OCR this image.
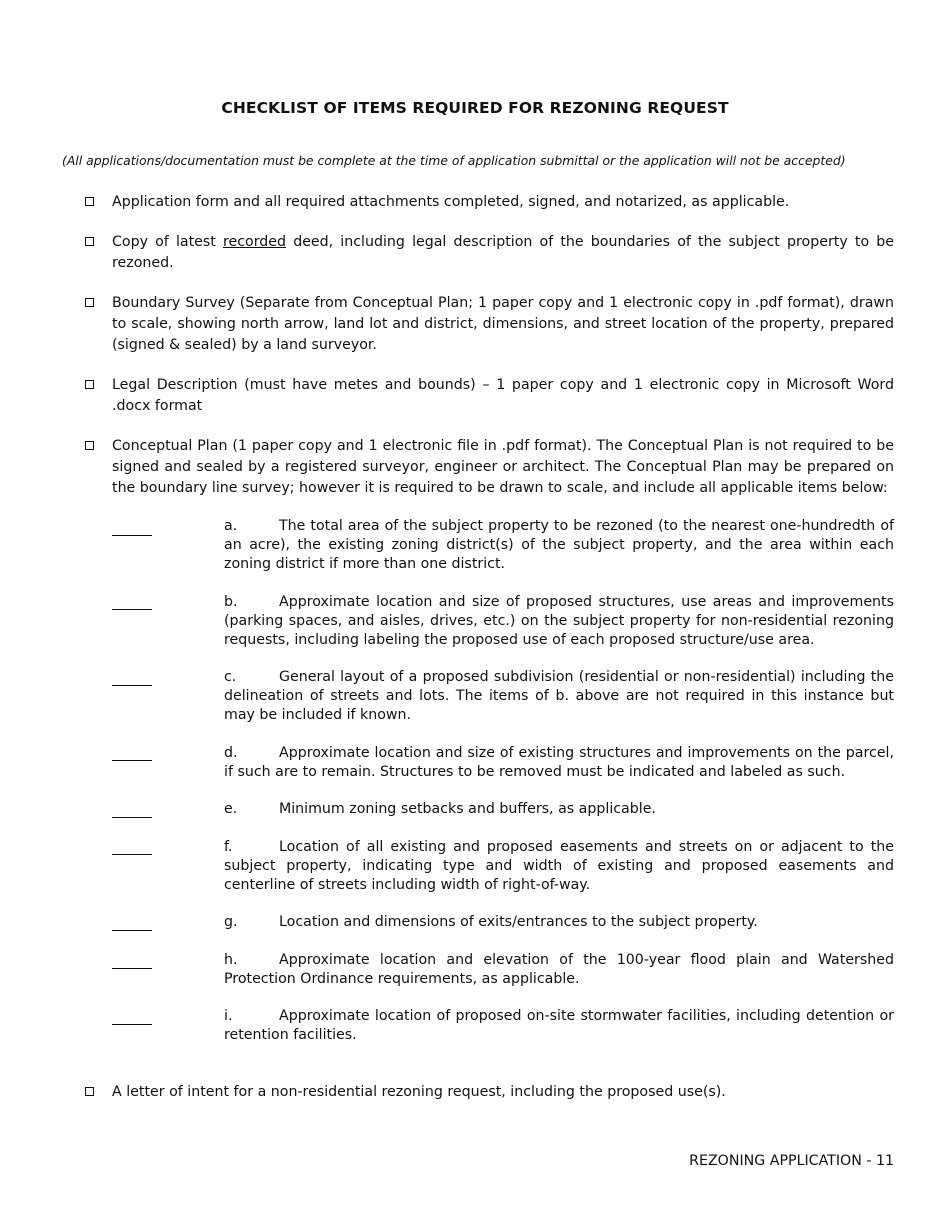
CHECKLIST OF ITEMS REQUIRED FOR REZONING REQUEST
(All applications/documentation must be complete at the time of application submittal or the application will not be accepted)
Application form and all required attachments completed, signed, and notarized, as applicable.
Copy of latest recorded deed, including legal description of the boundaries of the subject property to be rezoned.
Boundary Survey (Separate from Conceptual Plan; 1 paper copy and 1 electronic copy in .pdf format), drawn to scale, showing north arrow, land lot and district, dimensions, and street location of the property, prepared (signed & sealed) by a land surveyor.
Legal Description (must have metes and bounds) – 1 paper copy and 1 electronic copy in Microsoft Word .docx format
Conceptual Plan (1 paper copy and 1 electronic file in .pdf format). The Conceptual Plan is not required to be signed and sealed by a registered surveyor, engineer or architect. The Conceptual Plan may be prepared on the boundary line survey; however it is required to be drawn to scale, and include all applicable items below:
a.	The total area of the subject property to be rezoned (to the nearest one-hundredth of an acre), the existing zoning district(s) of the subject property, and the area within each zoning district if more than one district.
b.	Approximate location and size of proposed structures, use areas and improvements (parking spaces, and aisles, drives, etc.) on the subject property for non-residential rezoning requests, including labeling the proposed use of each proposed structure/use area.
c.	General layout of a proposed subdivision (residential or non-residential) including the delineation of streets and lots. The items of b. above are not required in this instance but may be included if known.
d.	Approximate location and size of existing structures and improvements on the parcel, if such are to remain. Structures to be removed must be indicated and labeled as such.
e.	Minimum zoning setbacks and buffers, as applicable.
f.	Location of all existing and proposed easements and streets on or adjacent to the subject property, indicating type and width of existing and proposed easements and centerline of streets including width of right-of-way.
g.	Location and dimensions of exits/entrances to the subject property.
h.	Approximate location and elevation of the 100-year flood plain and Watershed Protection Ordinance requirements, as applicable.
i.	Approximate location of proposed on-site stormwater facilities, including detention or retention facilities.
A letter of intent for a non-residential rezoning request, including the proposed use(s).
REZONING APPLICATION - 11
